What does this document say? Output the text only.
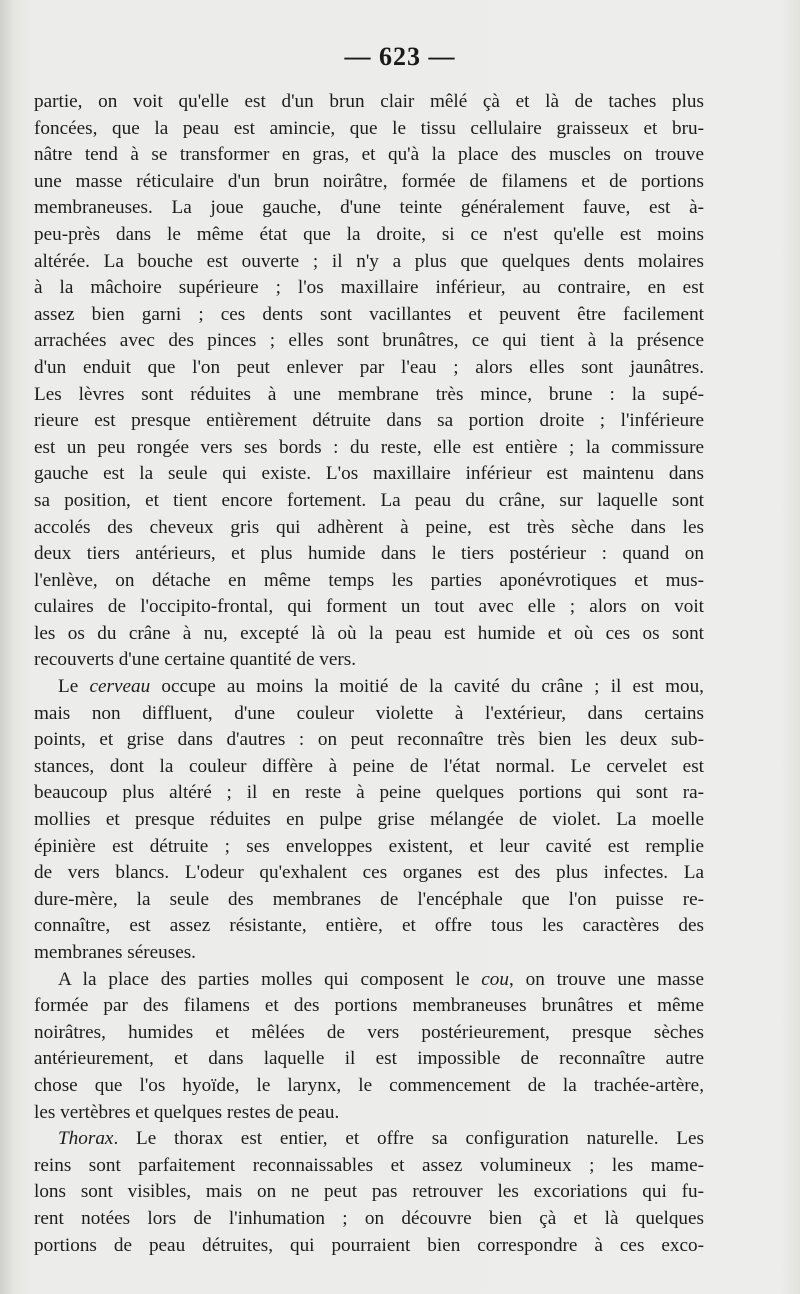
— 623 —
partie, on voit qu'elle est d'un brun clair mêlé çà et là de taches plus
foncées, que la peau est amincie, que le tissu cellulaire graisseux et bru-
nâtre tend à se transformer en gras, et qu'à la place des muscles on trouve
une masse réticulaire d'un brun noirâtre, formée de filamens et de portions
membraneuses. La joue gauche, d'une teinte généralement fauve, est à-
peu-près dans le même état que la droite, si ce n'est qu'elle est moins
altérée. La bouche est ouverte ; il n'y a plus que quelques dents molaires
à la mâchoire supérieure ; l'os maxillaire inférieur, au contraire, en est
assez bien garni ; ces dents sont vacillantes et peuvent être facilement
arrachées avec des pinces ; elles sont brunâtres, ce qui tient à la présence
d'un enduit que l'on peut enlever par l'eau ; alors elles sont jaunâtres.
Les lèvres sont réduites à une membrane très mince, brune : la supé-
rieure est presque entièrement détruite dans sa portion droite ; l'inférieure
est un peu rongée vers ses bords : du reste, elle est entière ; la commissure
gauche est la seule qui existe. L'os maxillaire inférieur est maintenu dans
sa position, et tient encore fortement. La peau du crâne, sur laquelle sont
accolés des cheveux gris qui adhèrent à peine, est très sèche dans les
deux tiers antérieurs, et plus humide dans le tiers postérieur : quand on
l'enlève, on détache en même temps les parties aponévrotiques et mus-
culaires de l'occipito-frontal, qui forment un tout avec elle ; alors on voit
les os du crâne à nu, excepté là où la peau est humide et où ces os sont
recouverts d'une certaine quantité de vers.
Le cerveau occupe au moins la moitié de la cavité du crâne ; il est mou,
mais non diffluent, d'une couleur violette à l'extérieur, dans certains
points, et grise dans d'autres : on peut reconnaître très bien les deux sub-
stances, dont la couleur diffère à peine de l'état normal. Le cervelet est
beaucoup plus altéré ; il en reste à peine quelques portions qui sont ra-
mollies et presque réduites en pulpe grise mélangée de violet. La moelle
épinière est détruite ; ses enveloppes existent, et leur cavité est remplie
de vers blancs. L'odeur qu'exhalent ces organes est des plus infectes. La
dure-mère, la seule des membranes de l'encéphale que l'on puisse re-
connaître, est assez résistante, entière, et offre tous les caractères des
membranes séreuses.
A la place des parties molles qui composent le cou, on trouve une masse
formée par des filamens et des portions membraneuses brunâtres et même
noirâtres, humides et mêlées de vers postérieurement, presque sèches
antérieurement, et dans laquelle il est impossible de reconnaître autre
chose que l'os hyoïde, le larynx, le commencement de la trachée-artère,
les vertèbres et quelques restes de peau.
Thorax. Le thorax est entier, et offre sa configuration naturelle. Les
reins sont parfaitement reconnaissables et assez volumineux ; les mame-
lons sont visibles, mais on ne peut pas retrouver les excoriations qui fu-
rent notées lors de l'inhumation ; on découvre bien çà et là quelques
portions de peau détruites, qui pourraient bien correspondre à ces exco-
